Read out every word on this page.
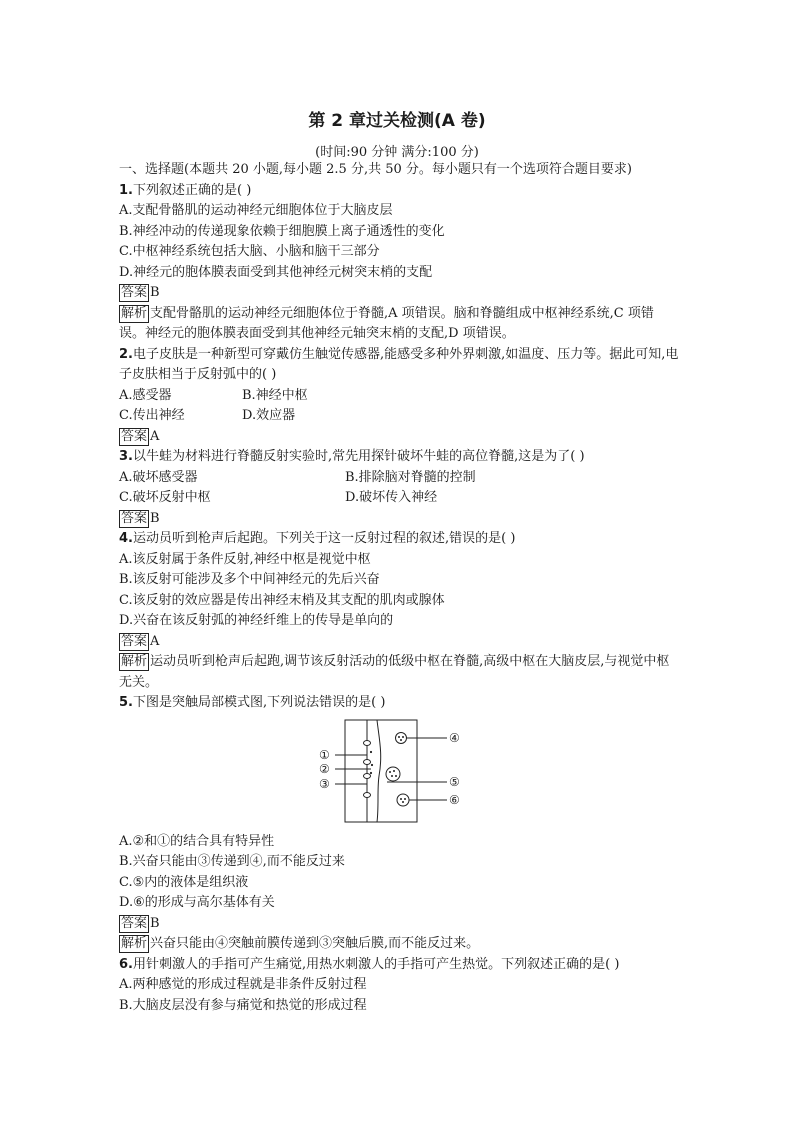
第 2 章过关检测(A 卷)
(时间:90 分钟 满分:100 分)
一、选择题(本题共 20 小题,每小题 2.5 分,共 50 分。每小题只有一个选项符合题目要求)
1.下列叙述正确的是( )
A.支配骨骼肌的运动神经元细胞体位于大脑皮层
B.神经冲动的传递现象依赖于细胞膜上离子通透性的变化
C.中枢神经系统包括大脑、小脑和脑干三部分
D.神经元的胞体膜表面受到其他神经元树突末梢的支配
答案 B
解析 支配骨骼肌的运动神经元细胞体位于脊髓,A 项错误。脑和脊髓组成中枢神经系统,C 项错误。神经元的胞体膜表面受到其他神经元轴突末梢的支配,D 项错误。
2.电子皮肤是一种新型可穿戴仿生触觉传感器,能感受多种外界刺激,如温度、压力等。据此可知,电子皮肤相当于反射弧中的( )
A.感受器	B.神经中枢
C.传出神经	D.效应器
答案 A
3.以牛蛙为材料进行脊髓反射实验时,常先用探针破坏牛蛙的高位脊髓,这是为了( )
A.破坏感受器	B.排除脑对脊髓的控制
C.破坏反射中枢	D.破坏传入神经
答案 B
4.运动员听到枪声后起跑。下列关于这一反射过程的叙述,错误的是( )
A.该反射属于条件反射,神经中枢是视觉中枢
B.该反射可能涉及多个中间神经元的先后兴奋
C.该反射的效应器是传出神经末梢及其支配的肌肉或腺体
D.兴奋在该反射弧的神经纤维上的传导是单向的
答案 A
解析 运动员听到枪声后起跑,调节该反射活动的低级中枢在脊髓,高级中枢在大脑皮层,与视觉中枢无关。
5.下图是突触局部模式图,下列说法错误的是( )
①
②
③
④
⑤
⑥
A.②和①的结合具有特异性
B.兴奋只能由③传递到④,而不能反过来
C.⑤内的液体是组织液
D.⑥的形成与高尔基体有关
答案 B
解析 兴奋只能由④突触前膜传递到③突触后膜,而不能反过来。
6.用针刺激人的手指可产生痛觉,用热水刺激人的手指可产生热觉。下列叙述正确的是( )
A.两种感觉的形成过程就是非条件反射过程
B.大脑皮层没有参与痛觉和热觉的形成过程
